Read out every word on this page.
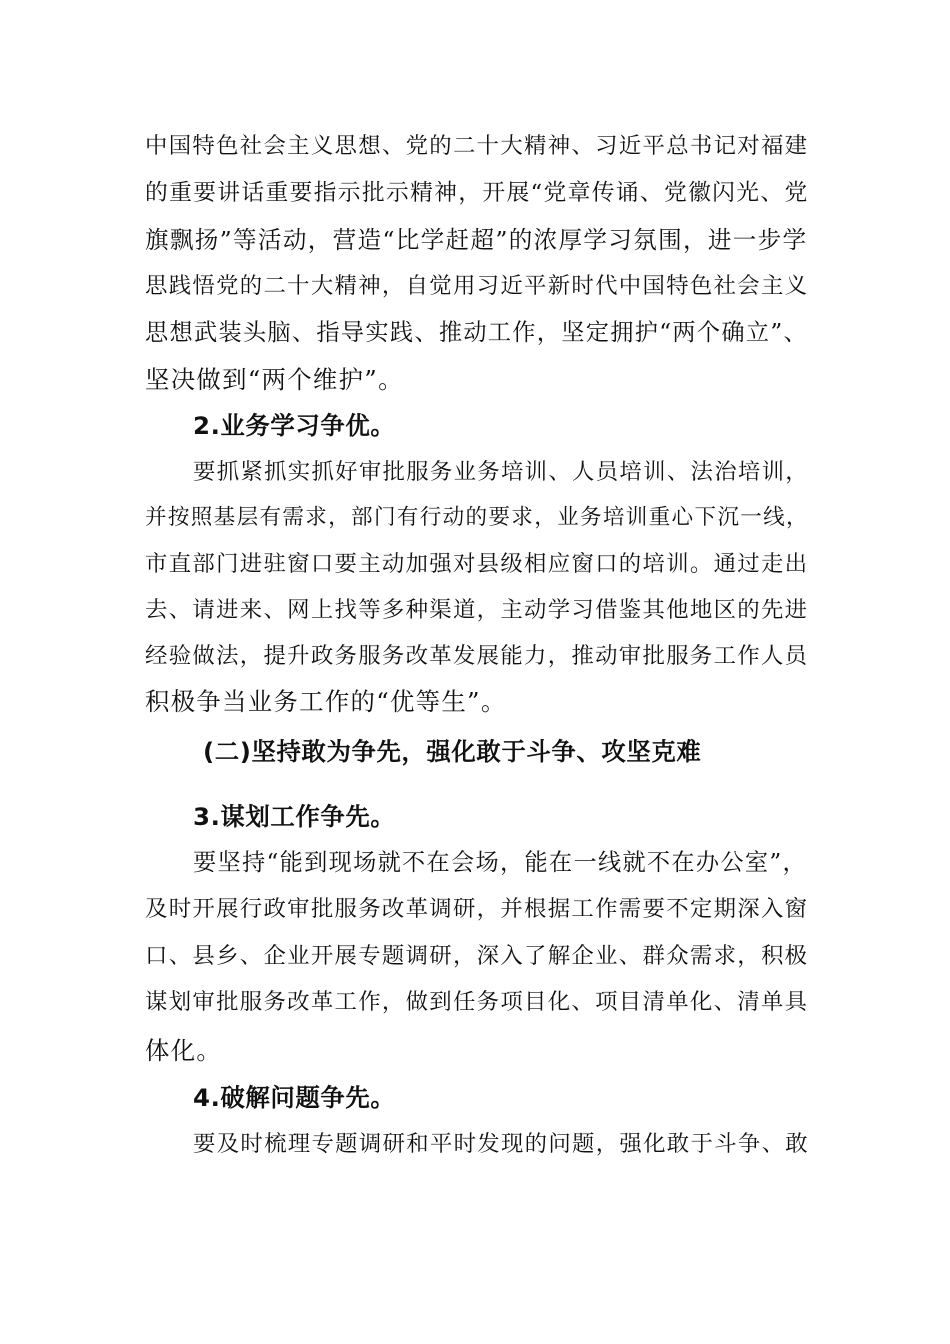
中国特色社会主义思想、党的二十大精神、习近平总书记对福建
的重要讲话重要指示批示精神，开展“党章传诵、党徽闪光、党
旗飘扬”等活动，营造“比学赶超”的浓厚学习氛围，进一步学
思践悟党的二十大精神，自觉用习近平新时代中国特色社会主义
思想武装头脑、指导实践、推动工作，坚定拥护“两个确立”、
坚决做到“两个维护”。
2.业务学习争优。
要抓紧抓实抓好审批服务业务培训、人员培训、法治培训，
并按照基层有需求，部门有行动的要求，业务培训重心下沉一线，
市直部门进驻窗口要主动加强对县级相应窗口的培训。通过走出
去、请进来、网上找等多种渠道，主动学习借鉴其他地区的先进
经验做法，提升政务服务改革发展能力，推动审批服务工作人员
积极争当业务工作的“优等生”。
(二)坚持敢为争先，强化敢于斗争、攻坚克难
3.谋划工作争先。
要坚持“能到现场就不在会场，能在一线就不在办公室”，
及时开展行政审批服务改革调研，并根据工作需要不定期深入窗
口、县乡、企业开展专题调研，深入了解企业、群众需求，积极
谋划审批服务改革工作，做到任务项目化、项目清单化、清单具
体化。
4.破解问题争先。
要及时梳理专题调研和平时发现的问题，强化敢于斗争、敢
